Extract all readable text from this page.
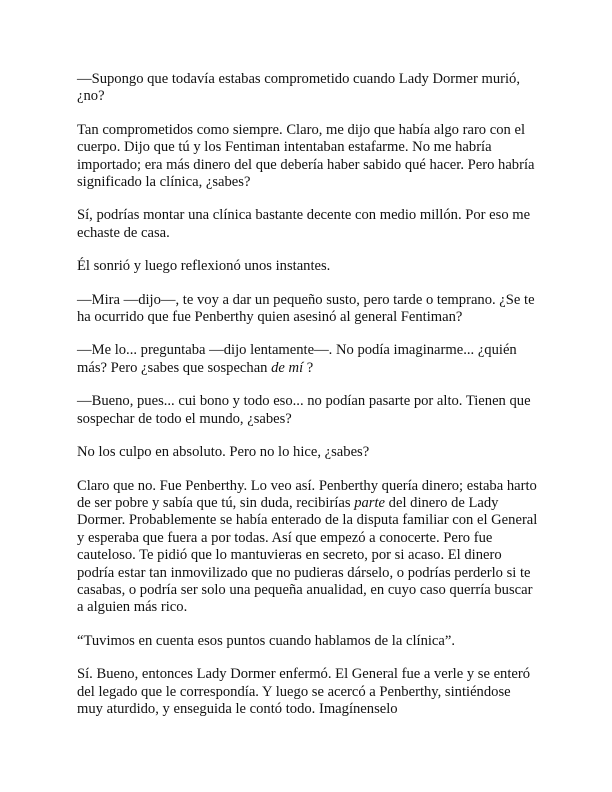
—Supongo que todavía estabas comprometido cuando Lady Dormer murió, ¿no?

Tan comprometidos como siempre. Claro, me dijo que había algo raro con el cuerpo. Dijo que tú y los Fentiman intentaban estafarme. No me habría importado; era más dinero del que debería haber sabido qué hacer. Pero habría significado la clínica, ¿sabes?

Sí, podrías montar una clínica bastante decente con medio millón. Por eso me echaste de casa.

Él sonrió y luego reflexionó unos instantes.

—Mira —dijo—, te voy a dar un pequeño susto, pero tarde o temprano. ¿Se te ha ocurrido que fue Penberthy quien asesinó al general Fentiman?

—Me lo... preguntaba —dijo lentamente—. No podía imaginarme... ¿quién más? Pero ¿sabes que sospechan de mí ?

—Bueno, pues... cui bono y todo eso... no podían pasarte por alto. Tienen que sospechar de todo el mundo, ¿sabes?

No los culpo en absoluto. Pero no lo hice, ¿sabes?

Claro que no. Fue Penberthy. Lo veo así. Penberthy quería dinero; estaba harto de ser pobre y sabía que tú, sin duda, recibirías parte del dinero de Lady Dormer. Probablemente se había enterado de la disputa familiar con el General y esperaba que fuera a por todas. Así que empezó a conocerte. Pero fue cauteloso. Te pidió que lo mantuvieras en secreto, por si acaso. El dinero podría estar tan inmovilizado que no pudieras dárselo, o podrías perderlo si te casabas, o podría ser solo una pequeña anualidad, en cuyo caso querría buscar a alguien más rico.

“Tuvimos en cuenta esos puntos cuando hablamos de la clínica”.

Sí. Bueno, entonces Lady Dormer enfermó. El General fue a verle y se enteró del legado que le correspondía. Y luego se acercó a Penberthy, sintiéndose muy aturdido, y enseguida le contó todo. Imagínenselo
